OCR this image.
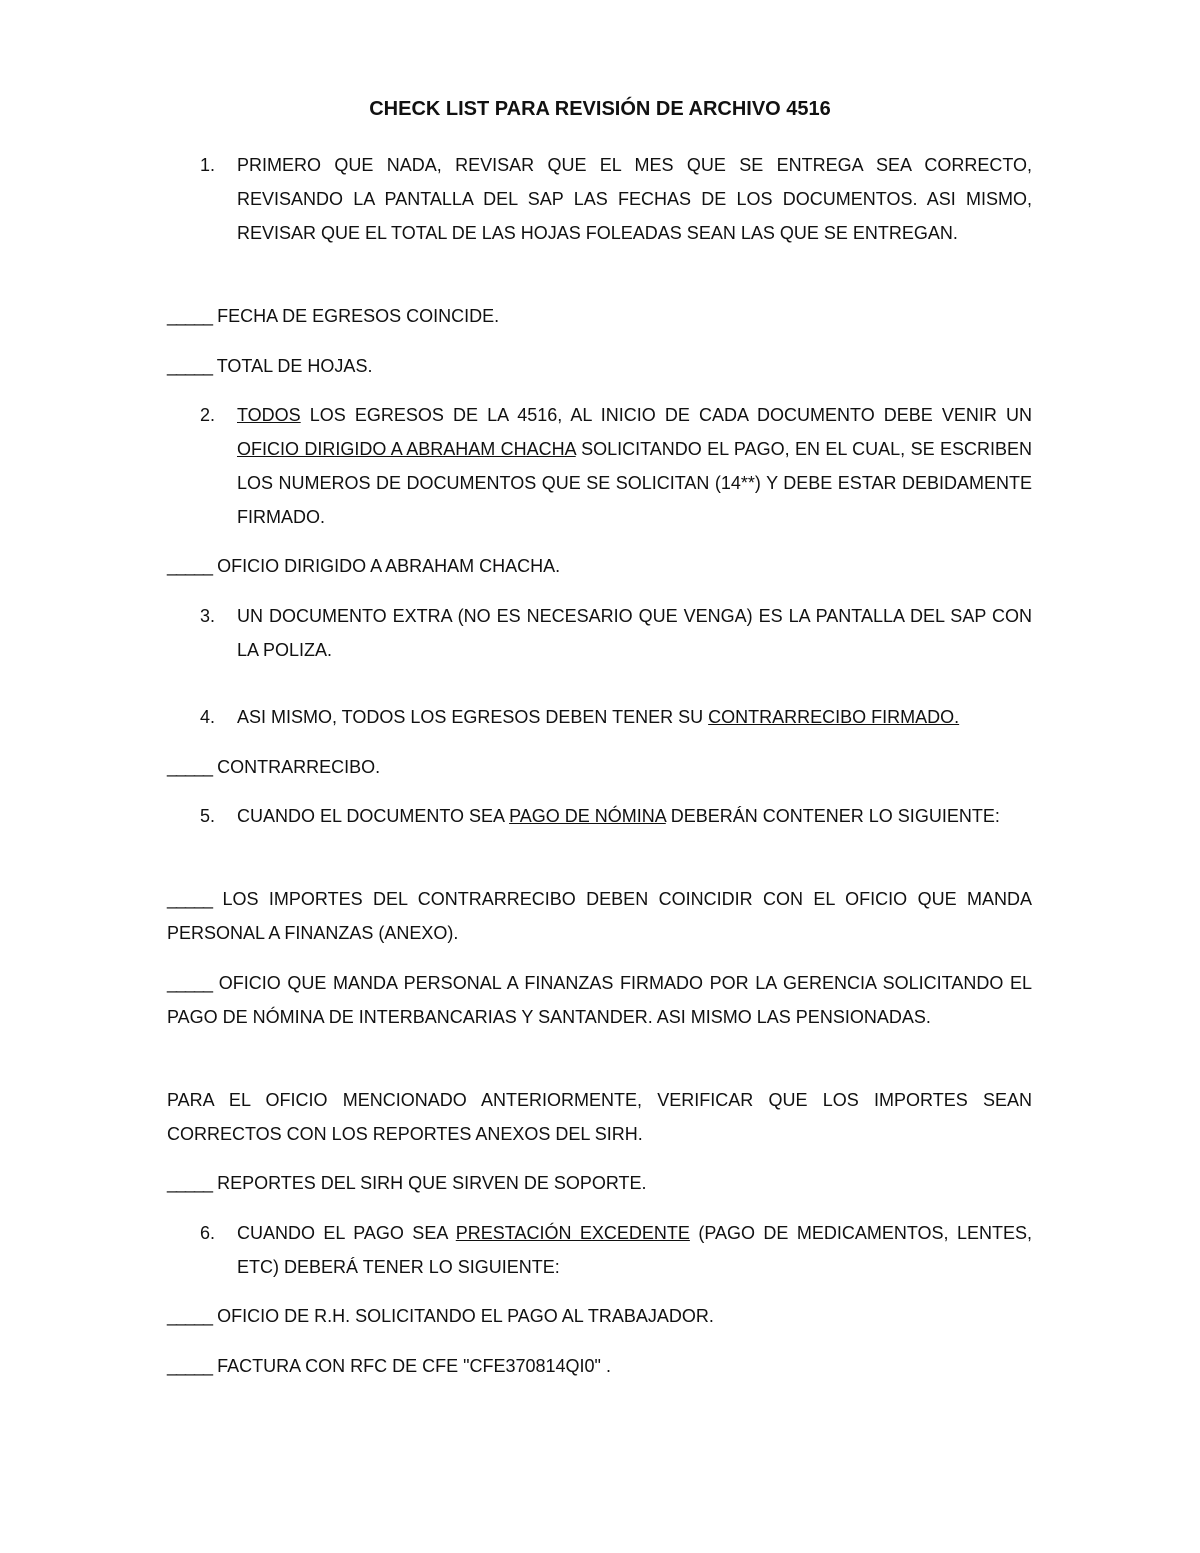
CHECK LIST PARA REVISIÓN DE ARCHIVO 4516
1.	PRIMERO QUE NADA, REVISAR QUE EL MES QUE SE ENTREGA SEA CORRECTO, REVISANDO LA PANTALLA DEL SAP LAS FECHAS DE LOS DOCUMENTOS. ASI MISMO, REVISAR QUE EL TOTAL DE LAS HOJAS FOLEADAS SEAN LAS QUE SE ENTREGAN.
_____ FECHA DE EGRESOS COINCIDE.
_____ TOTAL DE HOJAS.
2.	TODOS LOS EGRESOS DE LA 4516, AL INICIO DE CADA DOCUMENTO DEBE VENIR UN OFICIO DIRIGIDO A ABRAHAM CHACHA SOLICITANDO EL PAGO, EN EL CUAL, SE ESCRIBEN LOS NUMEROS DE DOCUMENTOS QUE SE SOLICITAN (14**) Y DEBE ESTAR DEBIDAMENTE FIRMADO.
_____ OFICIO DIRIGIDO A ABRAHAM CHACHA.
3.	UN DOCUMENTO EXTRA (NO ES NECESARIO QUE VENGA) ES LA PANTALLA DEL SAP CON LA POLIZA.
4.	ASI MISMO, TODOS LOS EGRESOS DEBEN TENER SU CONTRARRECIBO FIRMADO.
_____ CONTRARRECIBO.
5.	CUANDO EL DOCUMENTO SEA PAGO DE NÓMINA DEBERÁN CONTENER LO SIGUIENTE:
_____ LOS IMPORTES DEL CONTRARRECIBO DEBEN COINCIDIR CON EL OFICIO QUE MANDA PERSONAL A FINANZAS (ANEXO).
_____ OFICIO QUE MANDA PERSONAL A FINANZAS FIRMADO POR LA GERENCIA SOLICITANDO EL PAGO DE NÓMINA DE INTERBANCARIAS Y SANTANDER. ASI MISMO LAS PENSIONADAS.
PARA EL OFICIO MENCIONADO ANTERIORMENTE, VERIFICAR QUE LOS IMPORTES SEAN CORRECTOS CON LOS REPORTES ANEXOS DEL SIRH.
_____ REPORTES DEL SIRH QUE SIRVEN DE SOPORTE.
6.	CUANDO EL PAGO SEA PRESTACIÓN EXCEDENTE (PAGO DE MEDICAMENTOS, LENTES, ETC) DEBERÁ TENER LO SIGUIENTE:
_____ OFICIO DE R.H. SOLICITANDO EL PAGO AL TRABAJADOR.
_____ FACTURA CON RFC DE CFE "CFE370814QI0" .
